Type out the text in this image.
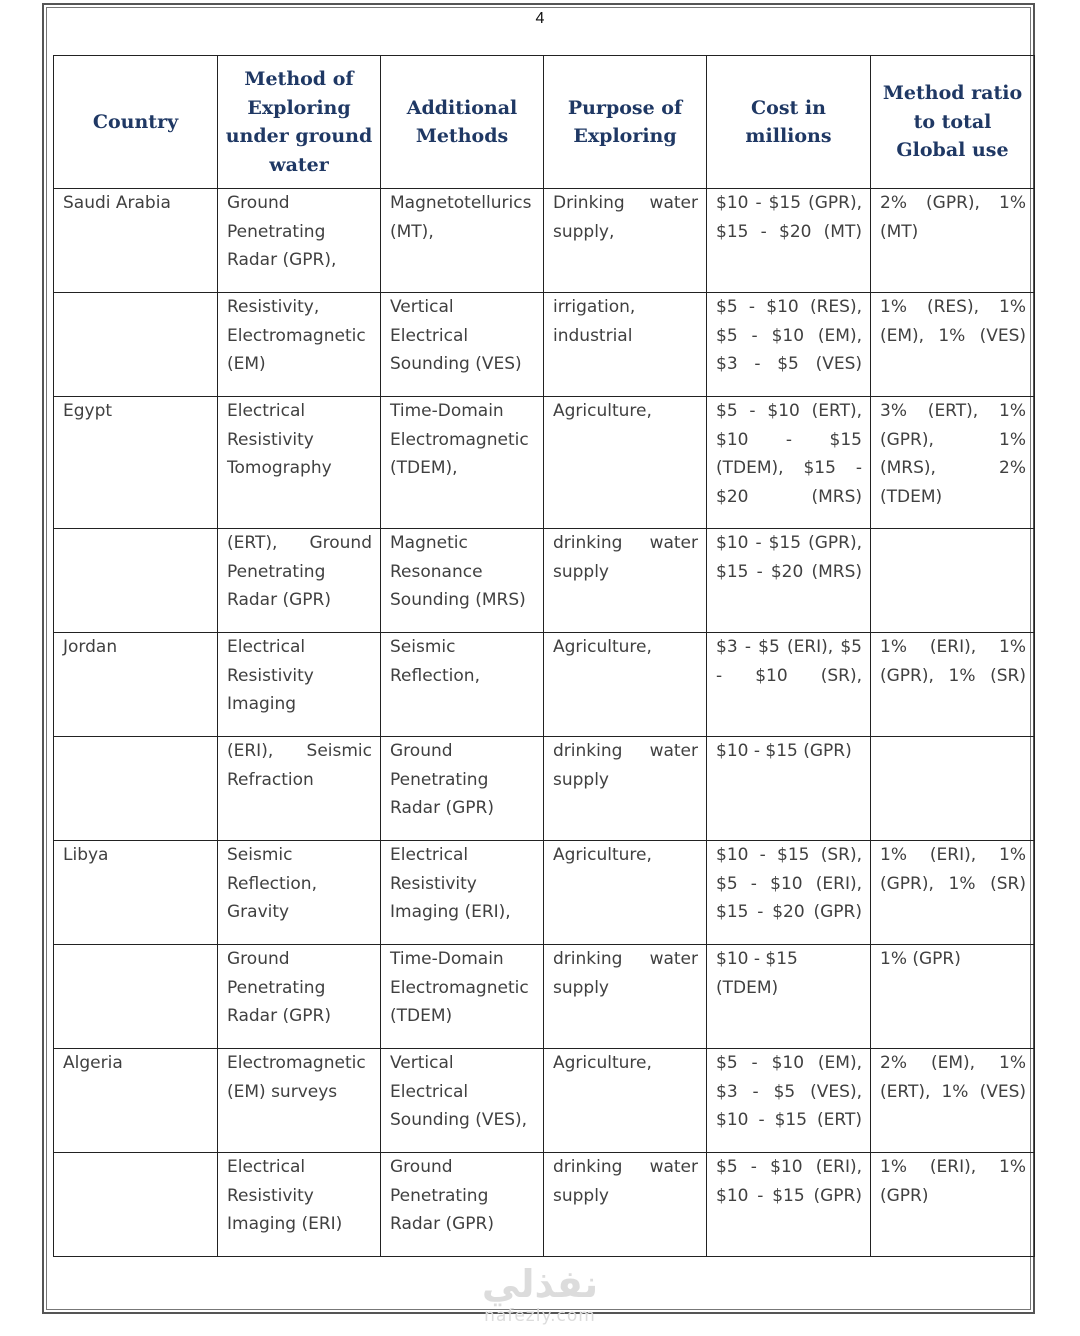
4
Country	Method of Exploring under ground water	Additional Methods	Purpose of Exploring	Cost in millions	Method ratio to total Global use
Saudi Arabia	Ground Penetrating Radar (GPR),	Magnetotellurics (MT),	Drinking water supply,	$10 - $15 (GPR), $15 - $20 (MT)	2% (GPR), 1% (MT)
	Resistivity, Electromagnetic (EM)	Vertical Electrical Sounding (VES)	irrigation, industrial	$5 - $10 (RES), $5 - $10 (EM), $3 - $5 (VES)	1% (RES), 1% (EM), 1% (VES)
Egypt	Electrical Resistivity Tomography	Time-Domain Electromagnetic (TDEM),	Agriculture,	$5 - $10 (ERT), $10 - $15 (TDEM), $15 - $20 (MRS)	3% (ERT), 1% (GPR), 1% (MRS), 2% (TDEM)
	(ERT), Ground Penetrating Radar (GPR)	Magnetic Resonance Sounding (MRS)	drinking water supply	$10 - $15 (GPR), $15 - $20 (MRS)	
Jordan	Electrical Resistivity Imaging	Seismic Reflection,	Agriculture,	$3 - $5 (ERI), $5 - $10 (SR),	1% (ERI), 1% (GPR), 1% (SR)
	(ERI), Seismic Refraction	Ground Penetrating Radar (GPR)	drinking water supply	$10 - $15 (GPR)	
Libya	Seismic Reflection, Gravity	Electrical Resistivity Imaging (ERI),	Agriculture,	$10 - $15 (SR), $5 - $10 (ERI), $15 - $20 (GPR)	1% (ERI), 1% (GPR), 1% (SR)
	Ground Penetrating Radar (GPR)	Time-Domain Electromagnetic (TDEM)	drinking water supply	$10 - $15 (TDEM)	1% (GPR)
Algeria	Electromagnetic (EM) surveys	Vertical Electrical Sounding (VES),	Agriculture,	$5 - $10 (EM), $3 - $5 (VES), $10 - $15 (ERT)	2% (EM), 1% (ERT), 1% (VES)
	Electrical Resistivity Imaging (ERI)	Ground Penetrating Radar (GPR)	drinking water supply	$5 - $10 (ERI), $10 - $15 (GPR)	1% (ERI), 1% (GPR)
نفذلي
nafezly.com
